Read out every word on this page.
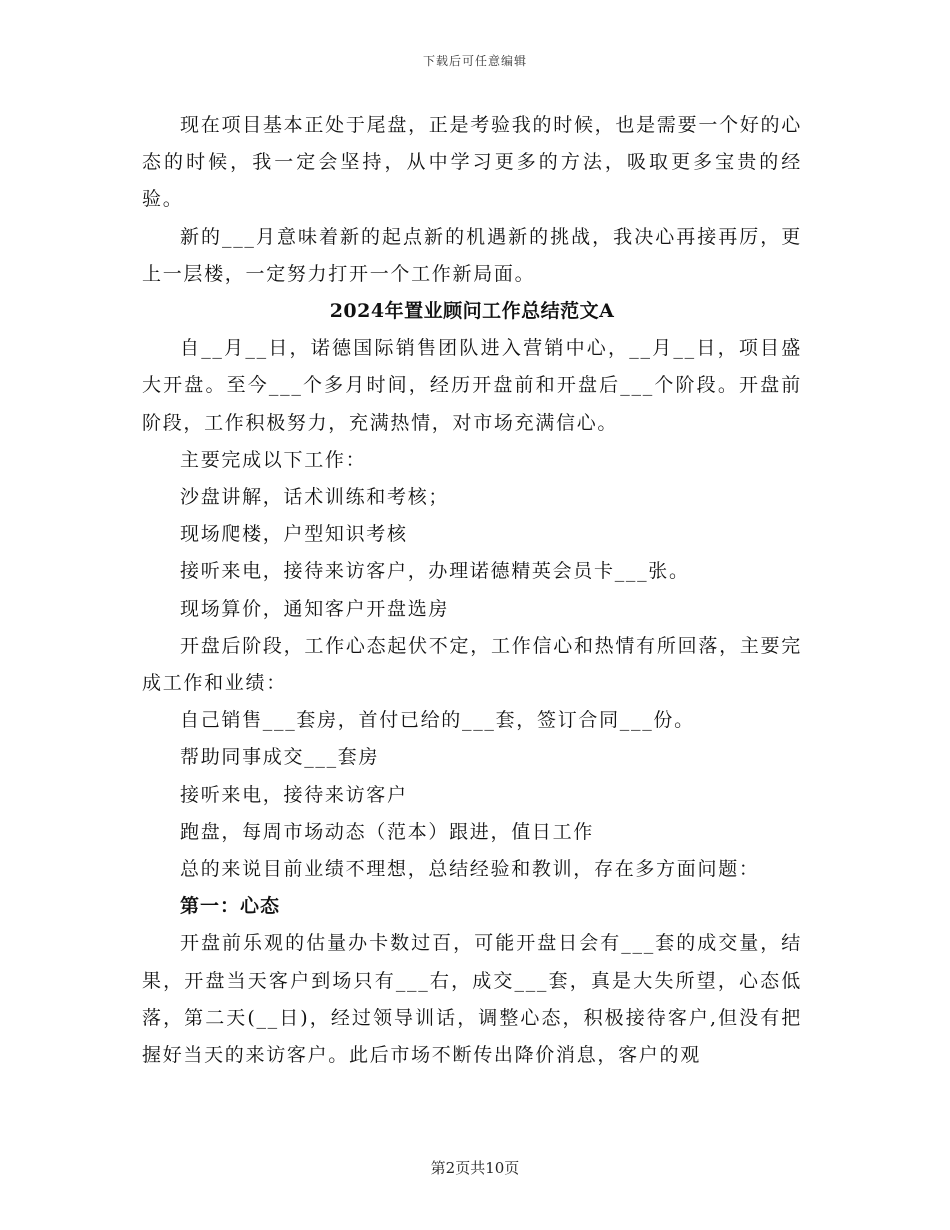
下载后可任意编辑

现在项目基本正处于尾盘，正是考验我的时候，也是需要一个好的心态的时候，我一定会坚持，从中学习更多的方法，吸取更多宝贵的经验。

新的___月意味着新的起点新的机遇新的挑战，我决心再接再厉，更上一层楼，一定努力打开一个工作新局面。

2024年置业顾问工作总结范文A

自__月__日，诺德国际销售团队进入营销中心，__月__日，项目盛大开盘。至今___个多月时间，经历开盘前和开盘后___个阶段。开盘前阶段，工作积极努力，充满热情，对市场充满信心。

主要完成以下工作：

沙盘讲解，话术训练和考核；

现场爬楼，户型知识考核

接听来电，接待来访客户，办理诺德精英会员卡___张。

现场算价，通知客户开盘选房

开盘后阶段，工作心态起伏不定，工作信心和热情有所回落，主要完成工作和业绩：

自己销售___套房，首付已给的___套，签订合同___份。

帮助同事成交___套房

接听来电，接待来访客户

跑盘，每周市场动态（范本）跟进，值日工作

总的来说目前业绩不理想，总结经验和教训，存在多方面问题：

第一：心态

开盘前乐观的估量办卡数过百，可能开盘日会有___套的成交量，结果，开盘当天客户到场只有___右，成交___套，真是大失所望，心态低落，第二天(__日)，经过领导训话，调整心态，积极接待客户,但没有把握好当天的来访客户。此后市场不断传出降价消息，客户的观

第2页共10页
